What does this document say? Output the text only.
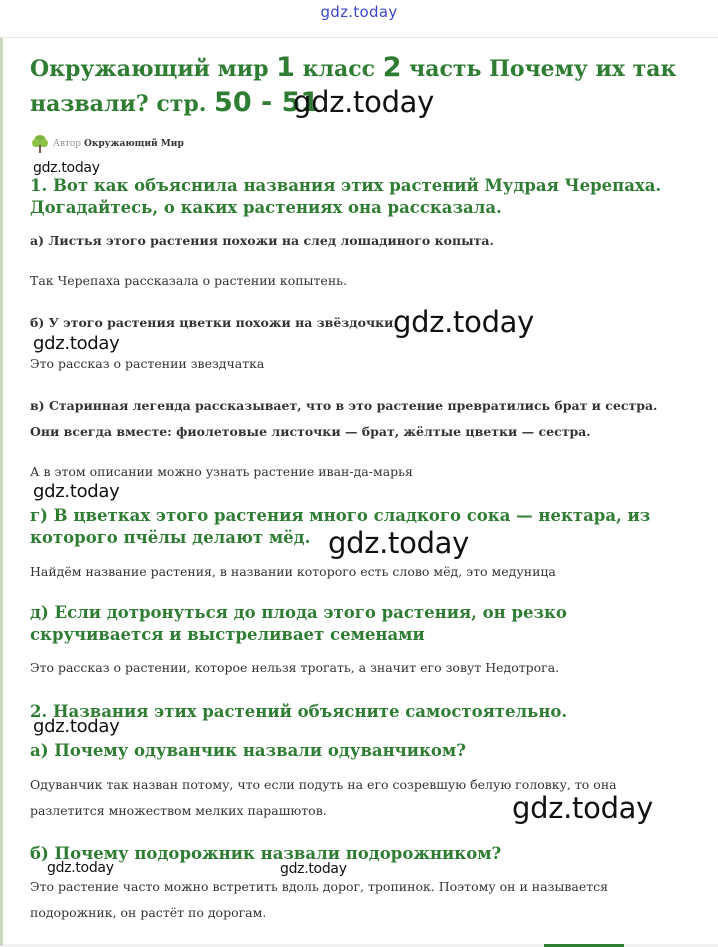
gdz.today
Окружающий мир 1 класс 2 часть Почему их так назвали? стр. 50 - 51
Автор Окружающий Мир
1. Вот как объяснила названия этих растений Мудрая Черепаха. Догадайтесь, о каких растениях она рассказала.

а) Листья этого растения похожи на след лошадиного копыта.

Так Черепаха рассказала о растении копытень.

б) У этого растения цветки похожи на звёздочки.

Это рассказ о растении звездчатка

в) Старинная легенда рассказывает, что в это растение превратились брат и сестра. Они всегда вместе: фиолетовые листочки — брат, жёлтые цветки — сестра.

А в этом описании можно узнать растение иван-да-марья

г) В цветках этого растения много сладкого сока — нектара, из которого пчёлы делают мёд.

Найдём название растения, в названии которого есть слово мёд, это медуница

д) Если дотронуться до плода этого растения, он резко скручивается и выстреливает семенами

Это рассказ о растении, которое нельзя трогать, а значит его зовут Недотрога.

2. Названия этих растений объясните самостоятельно.
а) Почему одуванчик назвали одуванчиком?

Одуванчик так назван потому, что если подуть на его созревшую белую головку, то она разлетится множеством мелких парашютов.

б) Почему подорожник назвали подорожником?

Это растение часто можно встретить вдоль дорог, тропинок. Поэтому он и называется подорожник, он растёт по дорогам.

gdz.today
gdz.today
gdz.today
gdz.today
gdz.today
gdz.today
gdz.today
gdz.today
gdz.today	gdz.today
